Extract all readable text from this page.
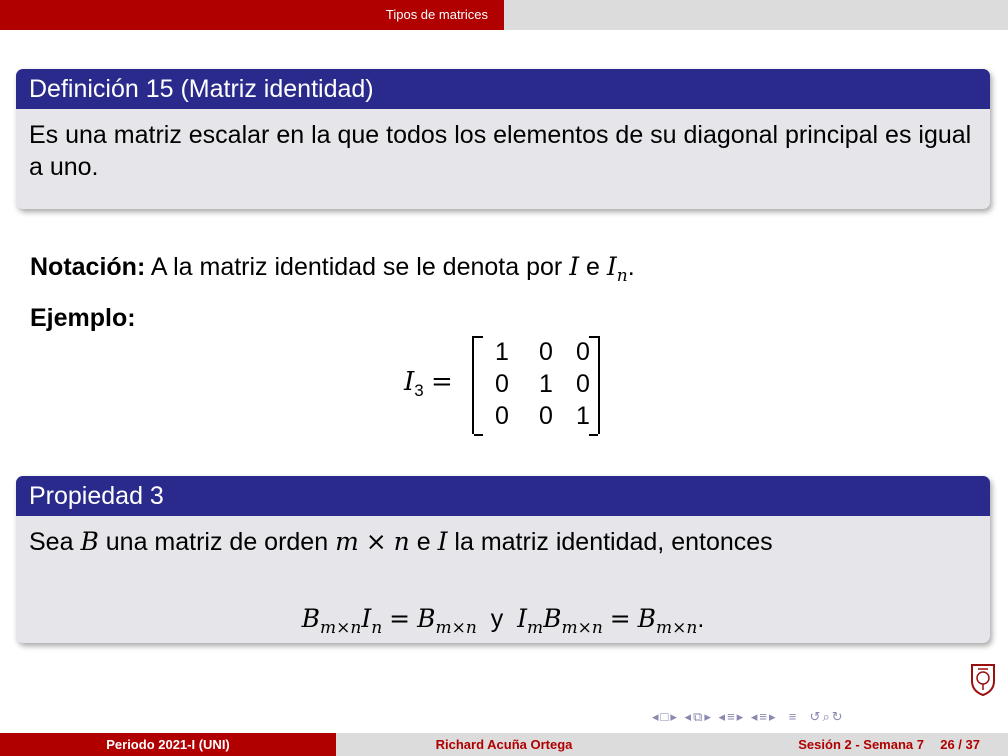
Tipos de matrices
Definición 15 (Matriz identidad)
Es una matriz escalar en la que todos los elementos de su diagonal principal es igual a uno.
Notación: A la matriz identidad se le denota por I e $I_n$.
Ejemplo:
$I_3$ =
1	0 0
0	1 0
0	0 1
Propiedad 3
Sea B una matriz de orden m × n e I la matriz identidad, entonces
$B_{m\times n}I_n = B_{m\times n}$ y $I_mB_{m\times n} = B_{m\times n}$.
◂□▸ ◂⧉▸ ◂≡▸ ◂≡▸ ≡ ↺⌕↻
Periodo 2021-I (UNI)	Richard Acuña Ortega	Sesión 2 - Semana 7 26 / 37
